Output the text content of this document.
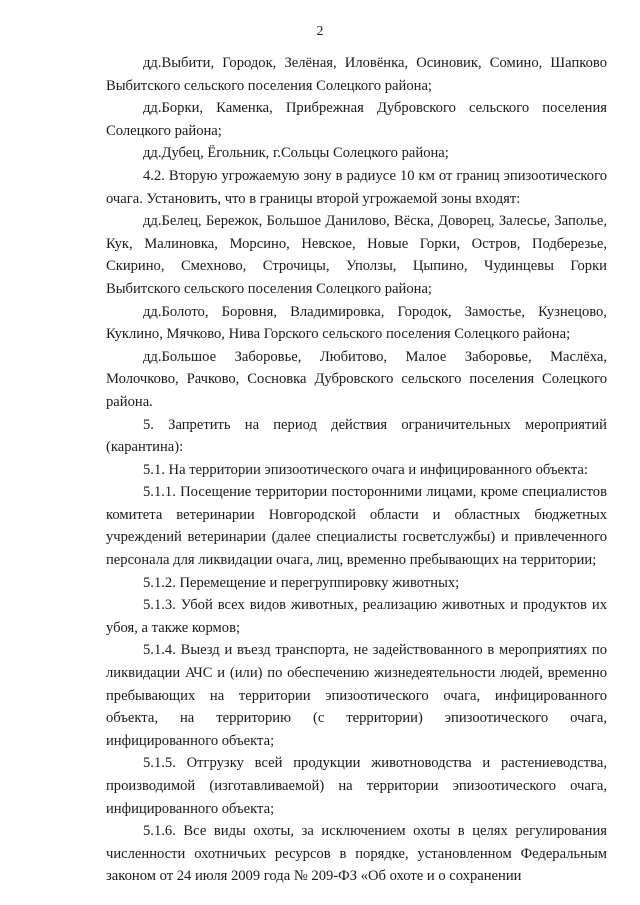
2

дд.Выбити, Городок, Зелёная, Иловёнка, Осиновик, Сомино, Шапково Выбитского сельского поселения Солецкого района;

дд.Борки, Каменка, Прибрежная Дубровского сельского поселения Солецкого района;

дд.Дубец, Ёгольник, г.Сольцы Солецкого района;

4.2. Вторую угрожаемую зону в радиусе 10 км от границ эпизоотического очага. Установить, что в границы второй угрожаемой зоны входят:

дд.Белец, Бережок, Большое Данилово, Вёска, Доворец, Залесье, Заполье, Кук, Малиновка, Морсино, Невское, Новые Горки, Остров, Подберезье, Скирино, Смехново, Строчицы, Уползы, Цыпино, Чудинцевы Горки Выбитского сельского поселения Солецкого района;

дд.Болото, Боровня, Владимировка, Городок, Замостье, Кузнецово, Куклино, Мячково, Нива Горского сельского поселения Солецкого района;

дд.Большое Заборовье, Любитово, Малое Заборовье, Маслёха, Молочково, Рачково, Сосновка Дубровского сельского поселения Солецкого района.

5. Запретить на период действия ограничительных мероприятий (карантина):

5.1. На территории эпизоотического очага и инфицированного объекта:

5.1.1. Посещение территории посторонними лицами, кроме специалистов комитета ветеринарии Новгородской области и областных бюджетных учреждений ветеринарии (далее специалисты госветслужбы) и привлеченного персонала для ликвидации очага, лиц, временно пребывающих на территории;

5.1.2. Перемещение и перегруппировку животных;

5.1.3. Убой всех видов животных, реализацию животных и продуктов их убоя, а также кормов;

5.1.4. Выезд и въезд транспорта, не задействованного в мероприятиях по ликвидации АЧС и (или) по обеспечению жизнедеятельности людей, временно пребывающих на территории эпизоотического очага, инфицированного объекта, на территорию (с территории) эпизоотического очага, инфицированного объекта;

5.1.5. Отгрузку всей продукции животноводства и растениеводства, производимой (изготавливаемой) на территории эпизоотического очага, инфицированного объекта;

5.1.6. Все виды охоты, за исключением охоты в целях регулирования численности охотничьих ресурсов в порядке, установленном Федеральным законом от 24 июля 2009 года № 209-ФЗ «Об охоте и о сохранении
